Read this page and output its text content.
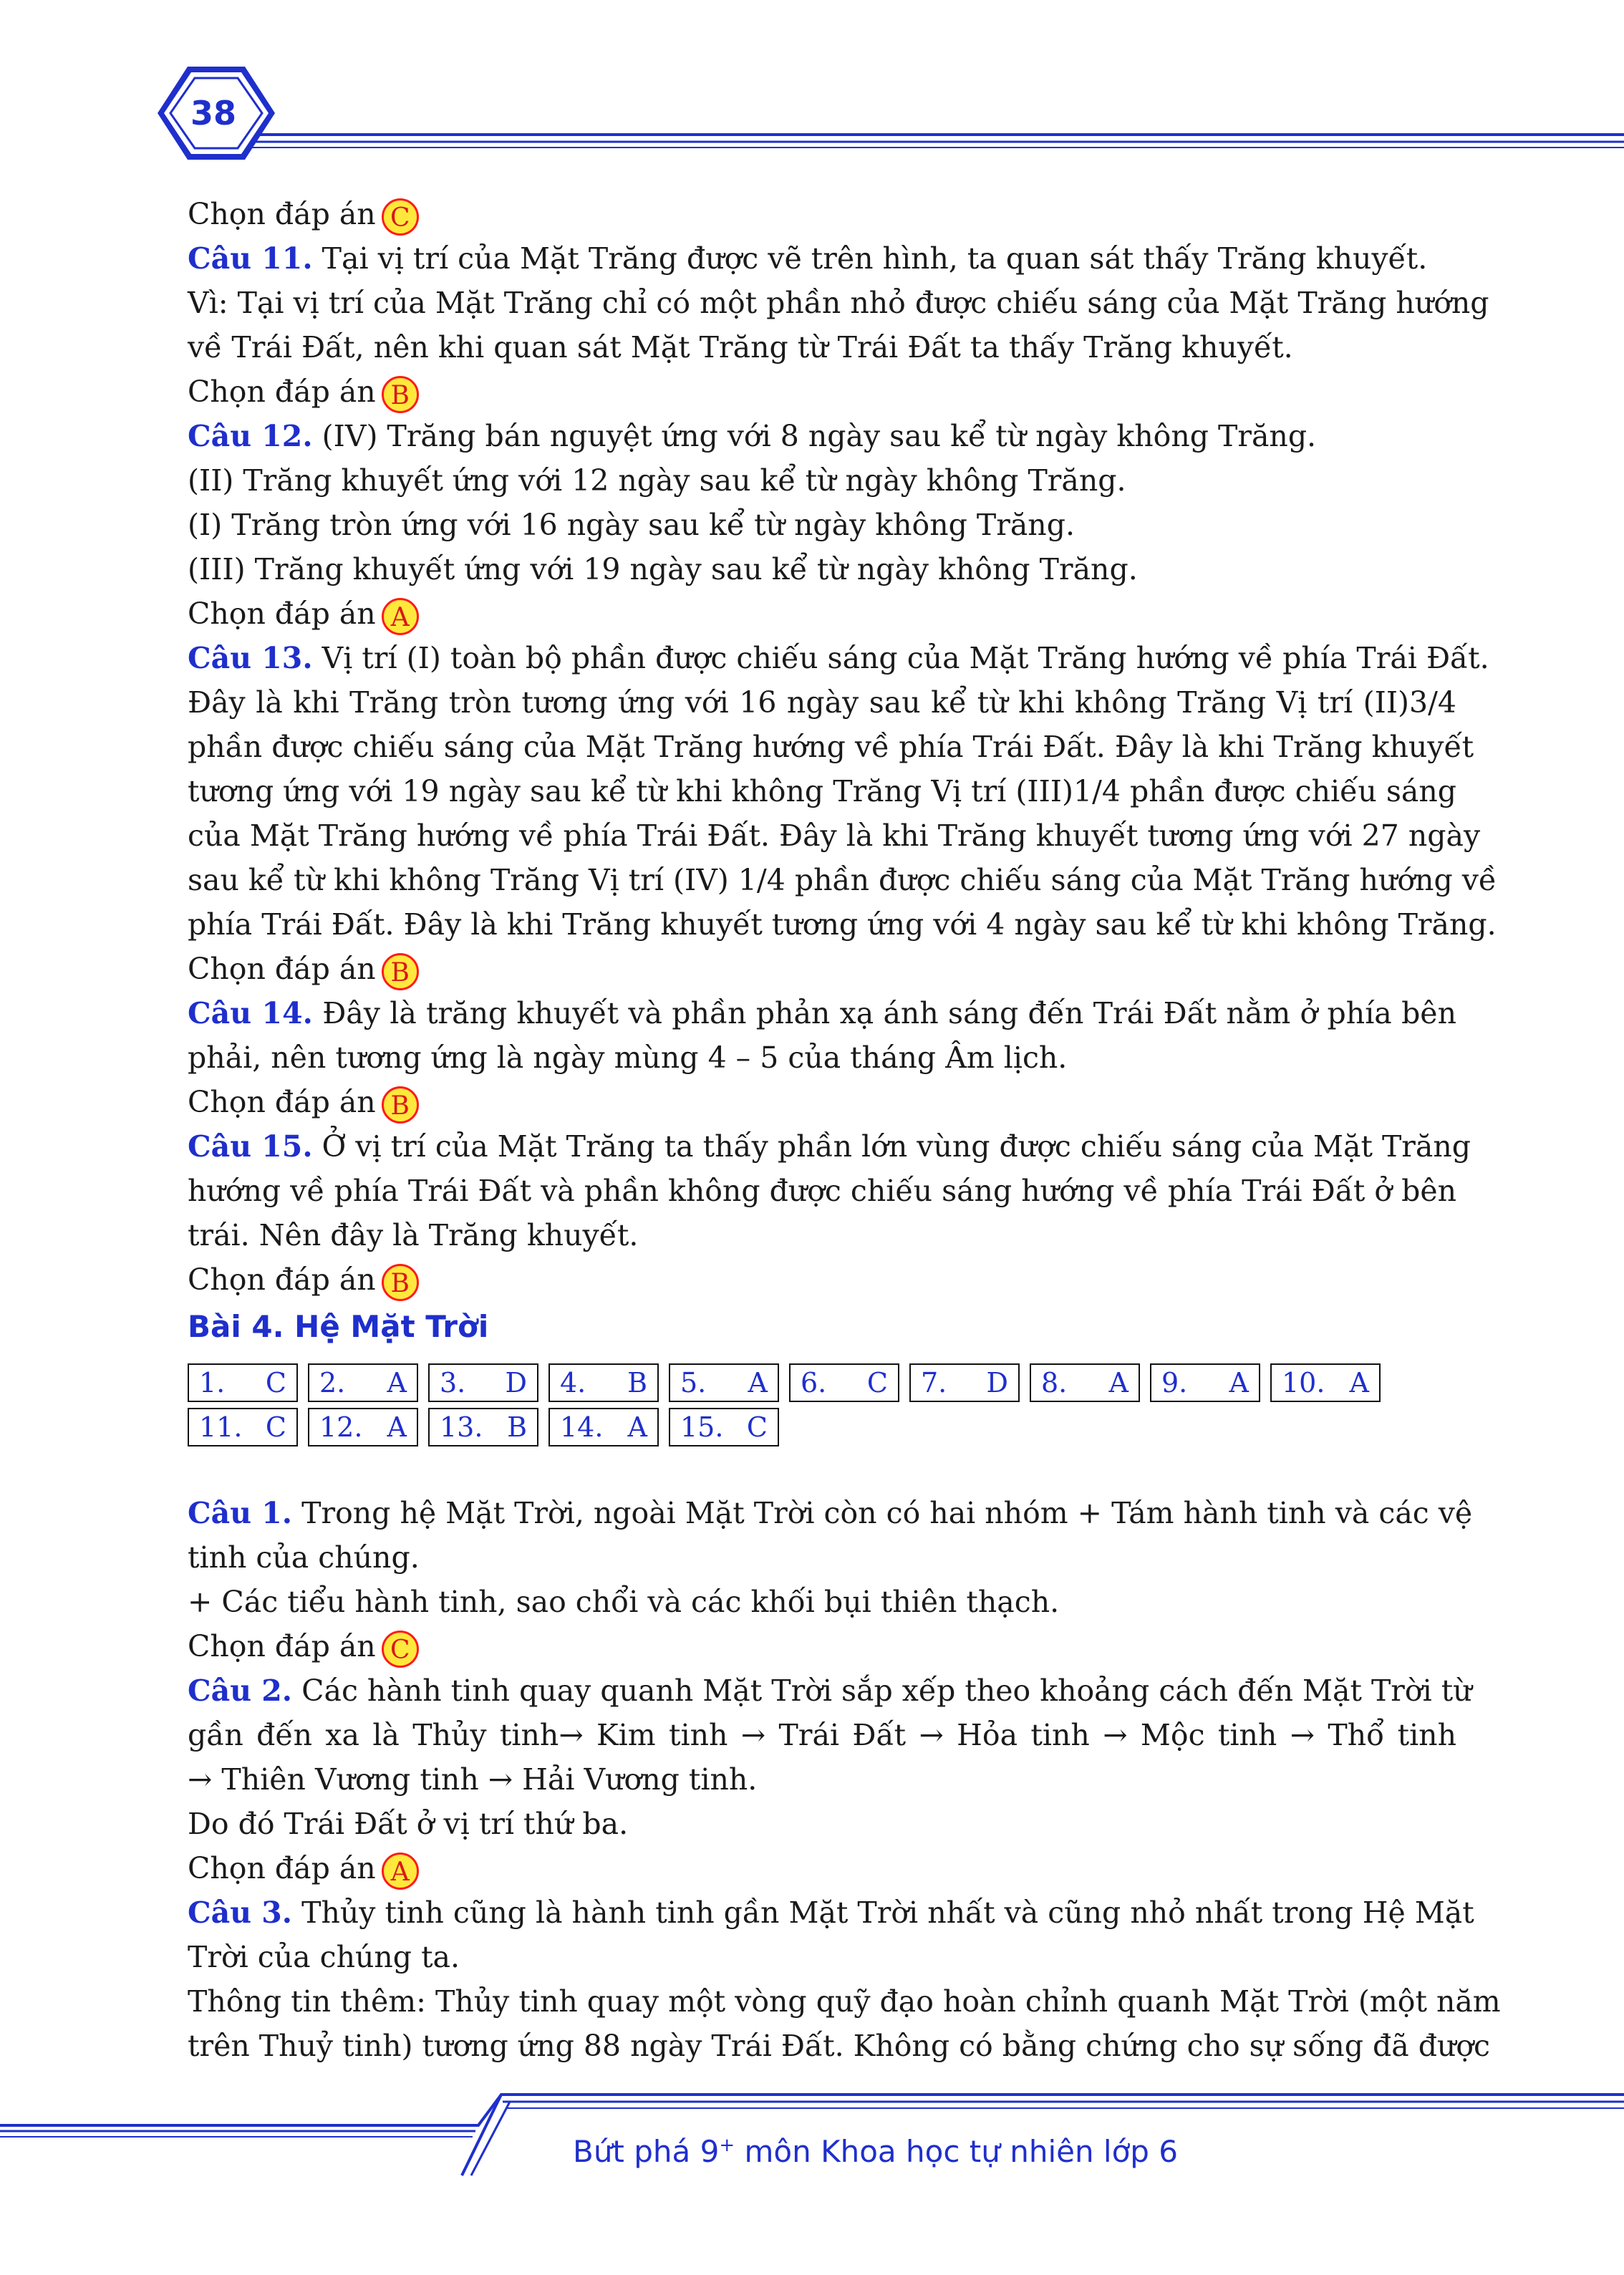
38
Chọn đáp án C
Câu 11. Tại vị trí của Mặt Trăng được vẽ trên hình, ta quan sát thấy Trăng khuyết.
Vì: Tại vị trí của Mặt Trăng chỉ có một phần nhỏ được chiếu sáng của Mặt Trăng hướng
về Trái Đất, nên khi quan sát Mặt Trăng từ Trái Đất ta thấy Trăng khuyết.
Chọn đáp án B
Câu 12. (IV) Trăng bán nguyệt ứng với 8 ngày sau kể từ ngày không Trăng.
(II) Trăng khuyết ứng với 12 ngày sau kể từ ngày không Trăng.
(I) Trăng tròn ứng với 16 ngày sau kể từ ngày không Trăng.
(III) Trăng khuyết ứng với 19 ngày sau kể từ ngày không Trăng.
Chọn đáp án A
Câu 13. Vị trí (I) toàn bộ phần được chiếu sáng của Mặt Trăng hướng về phía Trái Đất.
Đây là khi Trăng tròn tương ứng với 16 ngày sau kể từ khi không Trăng Vị trí (II)3/4
phần được chiếu sáng của Mặt Trăng hướng về phía Trái Đất. Đây là khi Trăng khuyết
tương ứng với 19 ngày sau kể từ khi không Trăng Vị trí (III)1/4 phần được chiếu sáng
của Mặt Trăng hướng về phía Trái Đất. Đây là khi Trăng khuyết tương ứng với 27 ngày
sau kể từ khi không Trăng Vị trí (IV) 1/4 phần được chiếu sáng của Mặt Trăng hướng về
phía Trái Đất. Đây là khi Trăng khuyết tương ứng với 4 ngày sau kể từ khi không Trăng.
Chọn đáp án B
Câu 14. Đây là trăng khuyết và phần phản xạ ánh sáng đến Trái Đất nằm ở phía bên
phải, nên tương ứng là ngày mùng 4 – 5 của tháng Âm lịch.
Chọn đáp án B
Câu 15. Ở vị trí của Mặt Trăng ta thấy phần lớn vùng được chiếu sáng của Mặt Trăng
hướng về phía Trái Đất và phần không được chiếu sáng hướng về phía Trái Đất ở bên
trái. Nên đây là Trăng khuyết.
Chọn đáp án B
Bài 4. Hệ Mặt Trời
1. C 2. A 3. D 4. B 5. A 6. C 7. D 8. A 9. A 10. A
11. C 12. A 13. B 14. A 15. C
Câu 1. Trong hệ Mặt Trời, ngoài Mặt Trời còn có hai nhóm + Tám hành tinh và các vệ
tinh của chúng.
+ Các tiểu hành tinh, sao chổi và các khối bụi thiên thạch.
Chọn đáp án C
Câu 2. Các hành tinh quay quanh Mặt Trời sắp xếp theo khoảng cách đến Mặt Trời từ
gần đến xa là Thủy tinh→ Kim tinh → Trái Đất → Hỏa tinh → Mộc tinh → Thổ tinh
→ Thiên Vương tinh → Hải Vương tinh.
Do đó Trái Đất ở vị trí thứ ba.
Chọn đáp án A
Câu 3. Thủy tinh cũng là hành tinh gần Mặt Trời nhất và cũng nhỏ nhất trong Hệ Mặt
Trời của chúng ta.
Thông tin thêm: Thủy tinh quay một vòng quỹ đạo hoàn chỉnh quanh Mặt Trời (một năm
trên Thuỷ tinh) tương ứng 88 ngày Trái Đất. Không có bằng chứng cho sự sống đã được
Bứt phá 9+ môn Khoa học tự nhiên lớp 6
